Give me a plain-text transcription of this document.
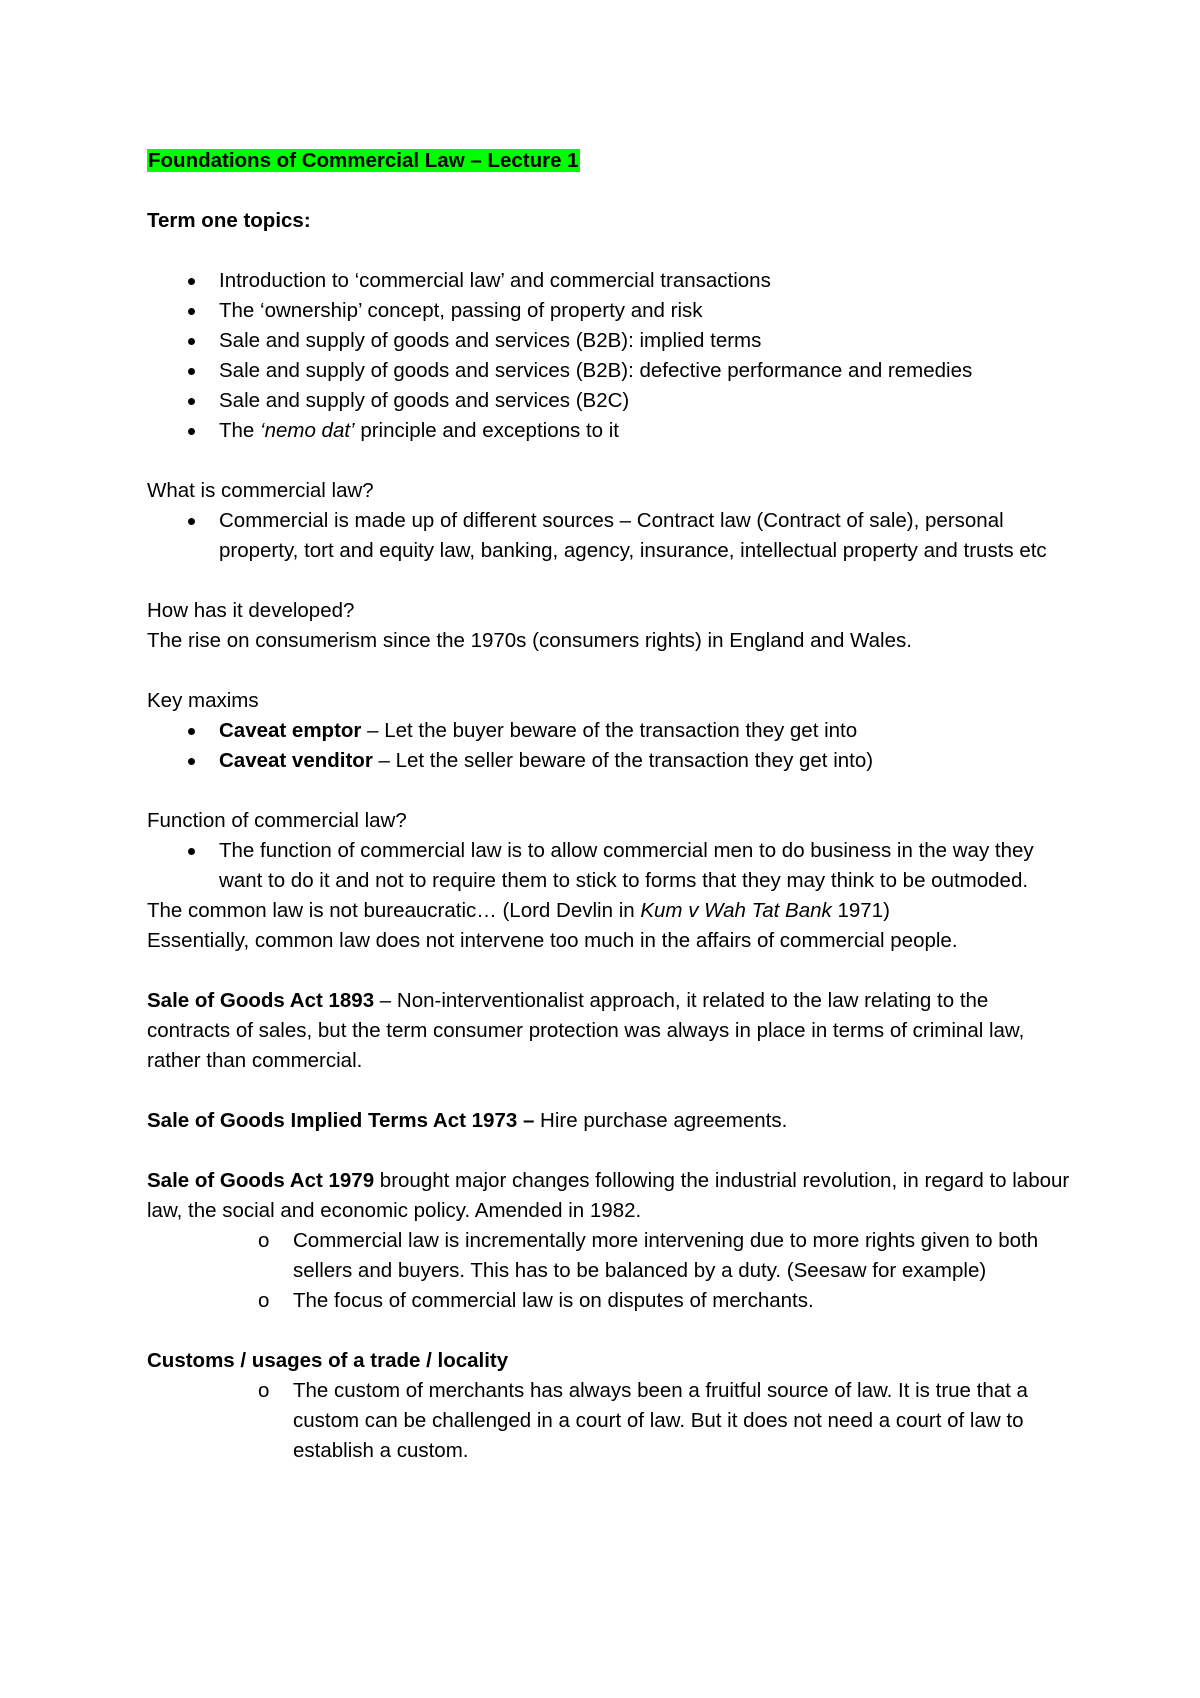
Foundations of Commercial Law – Lecture 1

Term one topics:

Introduction to ‘commercial law’ and commercial transactions
The ‘ownership’ concept, passing of property and risk
Sale and supply of goods and services (B2B): implied terms
Sale and supply of goods and services (B2B): defective performance and remedies
Sale and supply of goods and services (B2C)
The ‘nemo dat’ principle and exceptions to it

What is commercial law?

Commercial is made up of different sources – Contract law (Contract of sale), personal property, tort and equity law, banking, agency, insurance, intellectual property and trusts etc

How has it developed?

The rise on consumerism since the 1970s (consumers rights) in England and Wales.

Key maxims

Caveat emptor – Let the buyer beware of the transaction they get into
Caveat venditor – Let the seller beware of the transaction they get into)

Function of commercial law?

The function of commercial law is to allow commercial men to do business in the way they want to do it and not to require them to stick to forms that they may think to be outmoded.

The common law is not bureaucratic… (Lord Devlin in Kum v Wah Tat Bank 1971)

Essentially, common law does not intervene too much in the affairs of commercial people.

Sale of Goods Act 1893 – Non-interventionalist approach, it related to the law relating to the contracts of sales, but the term consumer protection was always in place in terms of criminal law, rather than commercial.

Sale of Goods Implied Terms Act 1973 – Hire purchase agreements.

Sale of Goods Act 1979 brought major changes following the industrial revolution, in regard to labour law, the social and economic policy. Amended in 1982.

o Commercial law is incrementally more intervening due to more rights given to both sellers and buyers. This has to be balanced by a duty. (Seesaw for example)
o The focus of commercial law is on disputes of merchants.

Customs / usages of a trade / locality

o The custom of merchants has always been a fruitful source of law. It is true that a custom can be challenged in a court of law. But it does not need a court of law to establish a custom.
